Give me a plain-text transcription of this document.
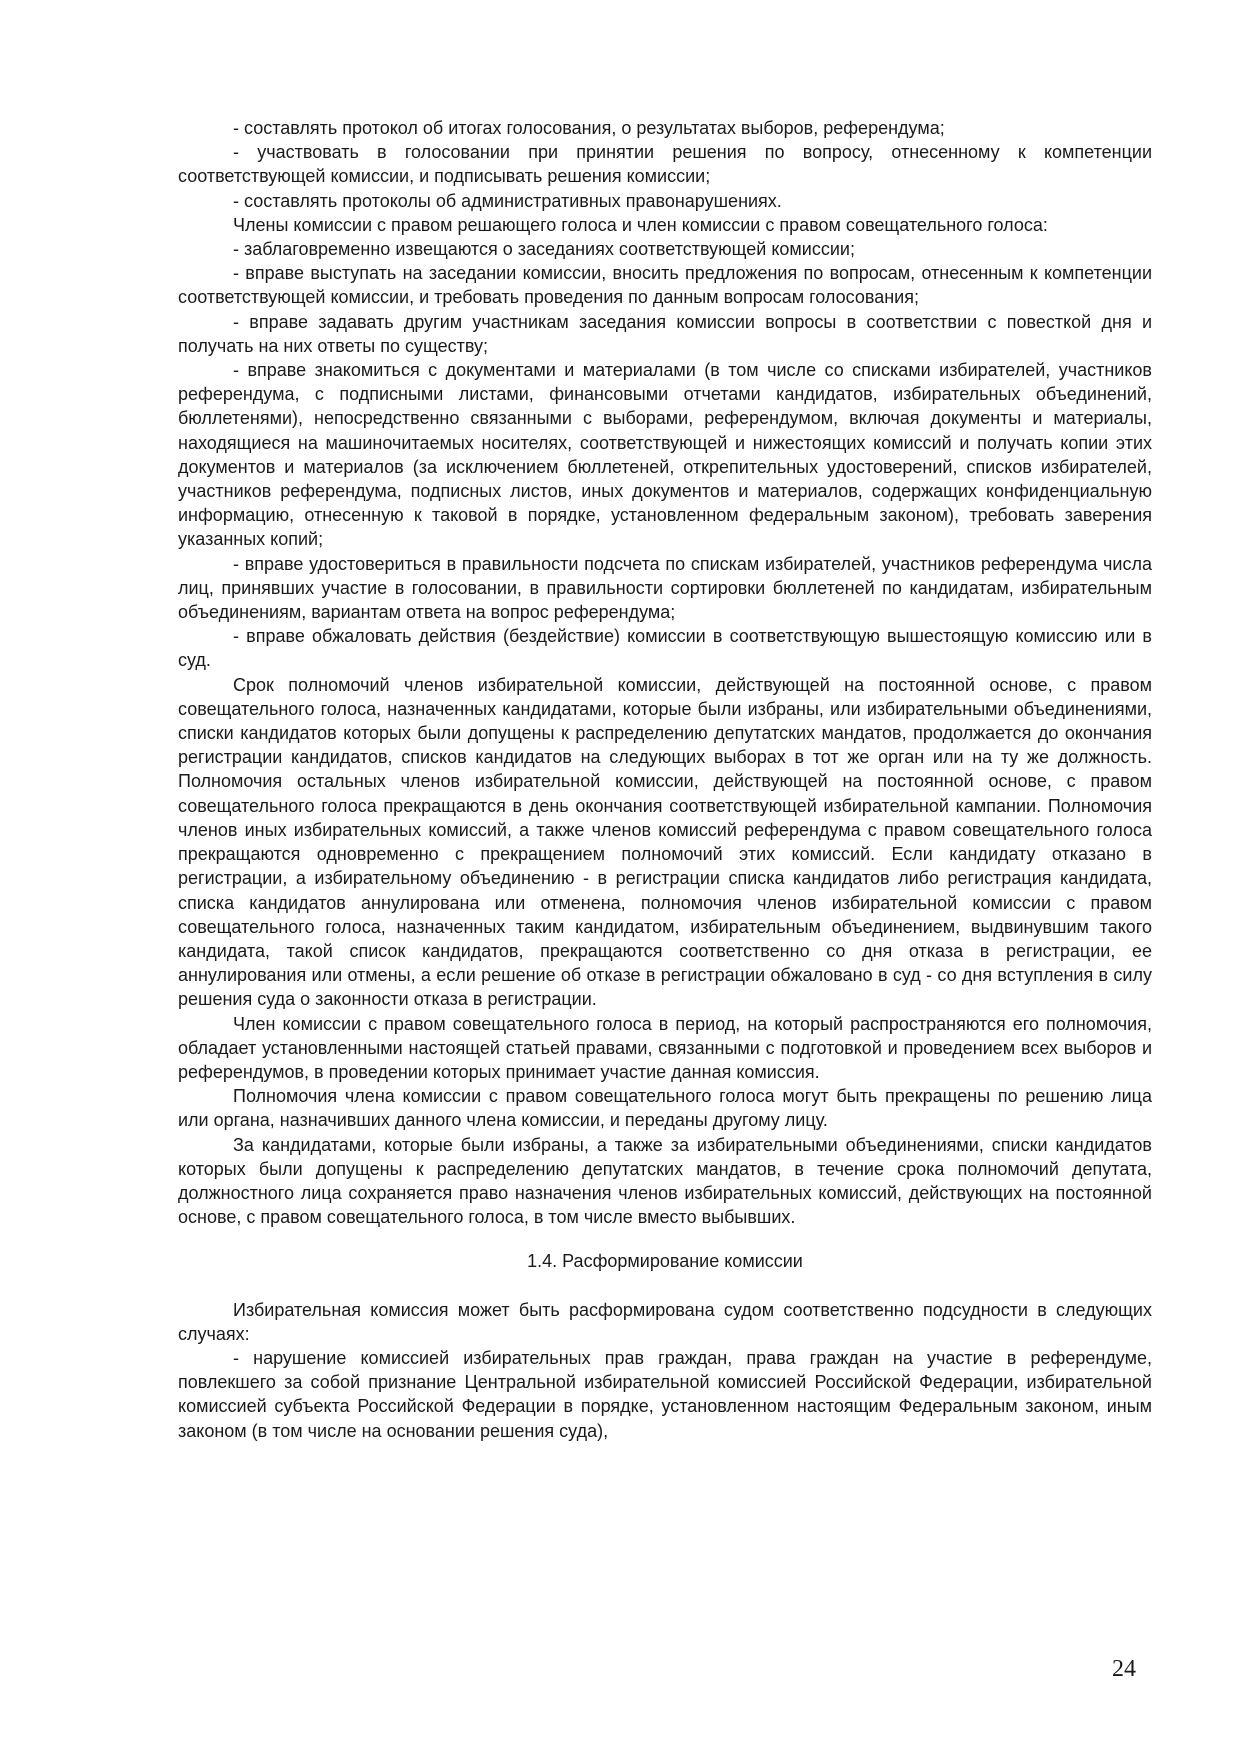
- составлять протокол об итогах голосования, о результатах выборов, референдума;

- участвовать в голосовании при принятии решения по вопросу, отнесенному к компетенции соответствующей комиссии, и подписывать решения комиссии;

- составлять протоколы об административных правонарушениях.

Члены комиссии с правом решающего голоса и член комиссии с правом совещательного голоса:

- заблаговременно извещаются о заседаниях соответствующей комиссии;

- вправе выступать на заседании комиссии, вносить предложения по вопросам, отнесенным к компетенции соответствующей комиссии, и требовать проведения по данным вопросам голосования;

- вправе задавать другим участникам заседания комиссии вопросы в соответствии с повесткой дня и получать на них ответы по существу;

- вправе знакомиться с документами и материалами (в том числе со списками избирателей, участников референдума, с подписными листами, финансовыми отчетами кандидатов, избирательных объединений, бюллетенями), непосредственно связанными с выборами, референдумом, включая документы и материалы, находящиеся на машиночитаемых носителях, соответствующей и нижестоящих комиссий и получать копии этих документов и материалов (за исключением бюллетеней, открепительных удостоверений, списков избирателей, участников референдума, подписных листов, иных документов и материалов, содержащих конфиденциальную информацию, отнесенную к таковой в порядке, установленном федеральным законом), требовать заверения указанных копий;

- вправе удостовериться в правильности подсчета по спискам избирателей, участников референдума числа лиц, принявших участие в голосовании, в правильности сортировки бюллетеней по кандидатам, избирательным объединениям, вариантам ответа на вопрос референдума;

- вправе обжаловать действия (бездействие) комиссии в соответствующую вышестоящую комиссию или в суд.

Срок полномочий членов избирательной комиссии, действующей на постоянной основе, с правом совещательного голоса, назначенных кандидатами, которые были избраны, или избирательными объединениями, списки кандидатов которых были допущены к распределению депутатских мандатов, продолжается до окончания регистрации кандидатов, списков кандидатов на следующих выборах в тот же орган или на ту же должность. Полномочия остальных членов избирательной комиссии, действующей на постоянной основе, с правом совещательного голоса прекращаются в день окончания соответствующей избирательной кампании. Полномочия членов иных избирательных комиссий, а также членов комиссий референдума с правом совещательного голоса прекращаются одновременно с прекращением полномочий этих комиссий. Если кандидату отказано в регистрации, а избирательному объединению - в регистрации списка кандидатов либо регистрация кандидата, списка кандидатов аннулирована или отменена, полномочия членов избирательной комиссии с правом совещательного голоса, назначенных таким кандидатом, избирательным объединением, выдвинувшим такого кандидата, такой список кандидатов, прекращаются соответственно со дня отказа в регистрации, ее аннулирования или отмены, а если решение об отказе в регистрации обжаловано в суд - со дня вступления в силу решения суда о законности отказа в регистрации.

Член комиссии с правом совещательного голоса в период, на который распространяются его полномочия, обладает установленными настоящей статьей правами, связанными с подготовкой и проведением всех выборов и референдумов, в проведении которых принимает участие данная комиссия.

Полномочия члена комиссии с правом совещательного голоса могут быть прекращены по решению лица или органа, назначивших данного члена комиссии, и переданы другому лицу.

За кандидатами, которые были избраны, а также за избирательными объединениями, списки кандидатов которых были допущены к распределению депутатских мандатов, в течение срока полномочий депутата, должностного лица сохраняется право назначения членов избирательных комиссий, действующих на постоянной основе, с правом совещательного голоса, в том числе вместо выбывших.

1.4. Расформирование комиссии

Избирательная комиссия может быть расформирована судом соответственно подсудности в следующих случаях:

- нарушение комиссией избирательных прав граждан, права граждан на участие в референдуме, повлекшего за собой признание Центральной избирательной комиссией Российской Федерации, избирательной комиссией субъекта Российской Федерации в порядке, установленном настоящим Федеральным законом, иным законом (в том числе на основании решения суда),

24
